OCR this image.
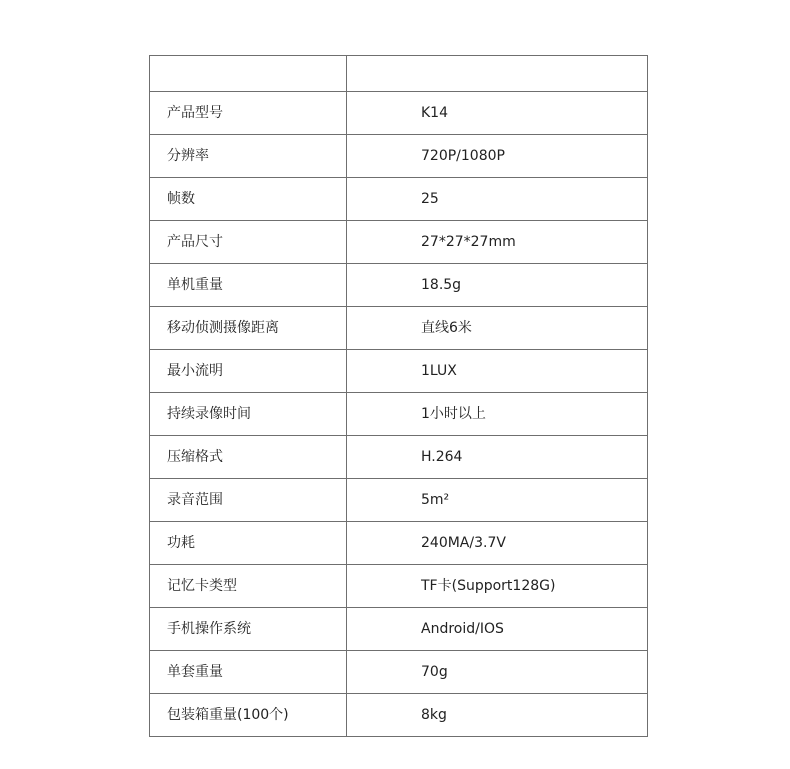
产品型号	K14
分辨率	720P/1080P
帧数	25
产品尺寸	27*27*27mm
单机重量	18.5g
移动侦测摄像距离	直线6米
最小流明	1LUX
持续录像时间	1小时以上
压缩格式	H.264
录音范围	5m²
功耗	240MA/3.7V
记忆卡类型	TF卡(Support128G)
手机操作系统	Android/IOS
单套重量	70g
包装箱重量(100个)	8kg
